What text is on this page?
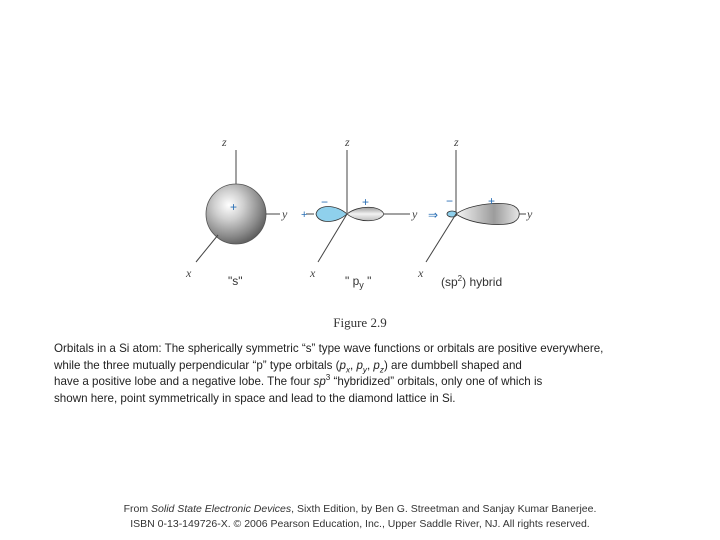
z
y
x
+
"s"
z
y
x
−	+
+
" $p_y$ "
⇒
z
y
x
−	+
$(sp^2)$ hybrid
Figure 2.9

Orbitals in a Si atom: The spherically symmetric “s” type wave functions or orbitals are positive everywhere,

while the three mutually perpendicular “p” type orbitals ($p_x$, $p_y$, $p_z$) are dumbbell shaped and

have a positive lobe and a negative lobe. The four $sp^3$ “hybridized” orbitals, only one of which is

shown here, point symmetrically in space and lead to the diamond lattice in Si.

From Solid State Electronic Devices, Sixth Edition, by Ben G. Streetman and Sanjay Kumar Banerjee.

ISBN 0-13-149726-X. © 2006 Pearson Education, Inc., Upper Saddle River, NJ. All rights reserved.
